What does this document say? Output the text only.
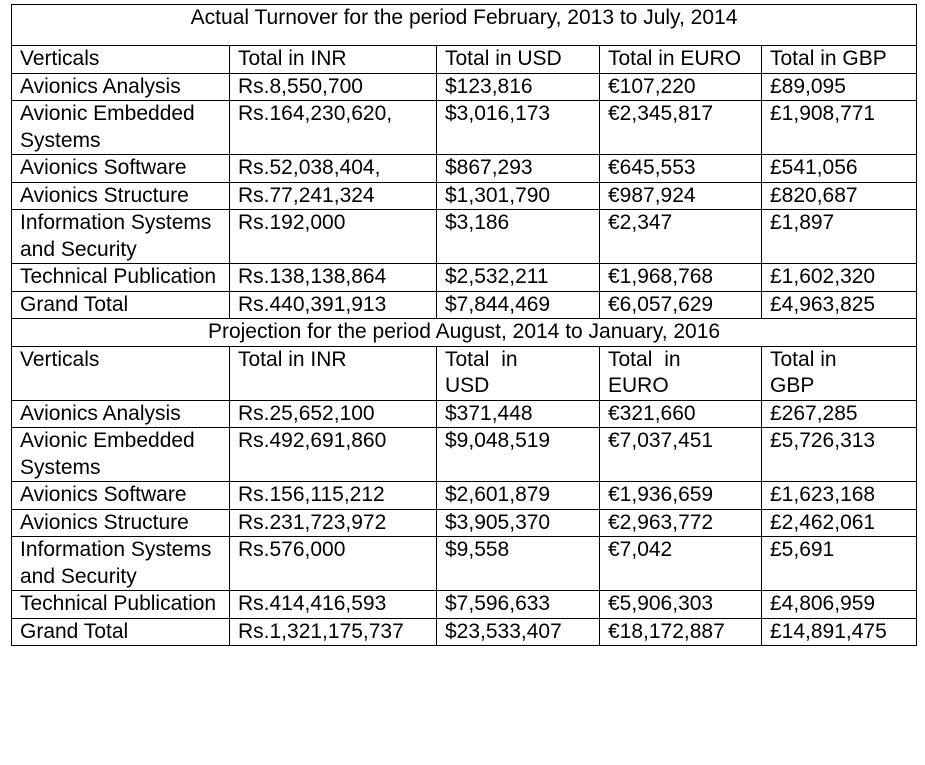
Actual Turnover for the period February, 2013 to July, 2014				
Verticals	Total in INR	Total in USD	Total in EURO	Total in GBP
Avionics Analysis	Rs.8,550,700	$123,816	€107,220	£89,095
Avionic Embedded Systems	Rs.164,230,620,	$3,016,173	€2,345,817	£1,908,771
Avionics Software	Rs.52,038,404,	$867,293	€645,553	£541,056
Avionics Structure	Rs.77,241,324	$1,301,790	€987,924	£820,687
Information Systems and Security	Rs.192,000	$3,186	€2,347	£1,897
Technical Publication	Rs.138,138,864	$2,532,211	€1,968,768	£1,602,320
Grand Total	Rs.440,391,913	$7,844,469	€6,057,629	£4,963,825
Projection for the period August, 2014 to January, 2016				
Verticals	Total in INR	Total in USD	Total in EURO	Total in GBP
Avionics Analysis	Rs.25,652,100	$371,448	€321,660	£267,285
Avionic Embedded Systems	Rs.492,691,860	$9,048,519	€7,037,451	£5,726,313
Avionics Software	Rs.156,115,212	$2,601,879	€1,936,659	£1,623,168
Avionics Structure	Rs.231,723,972	$3,905,370	€2,963,772	£2,462,061
Information Systems and Security	Rs.576,000	$9,558	€7,042	£5,691
Technical Publication	Rs.414,416,593	$7,596,633	€5,906,303	£4,806,959
Grand Total	Rs.1,321,175,737	$23,533,407	€18,172,887	£14,891,475
